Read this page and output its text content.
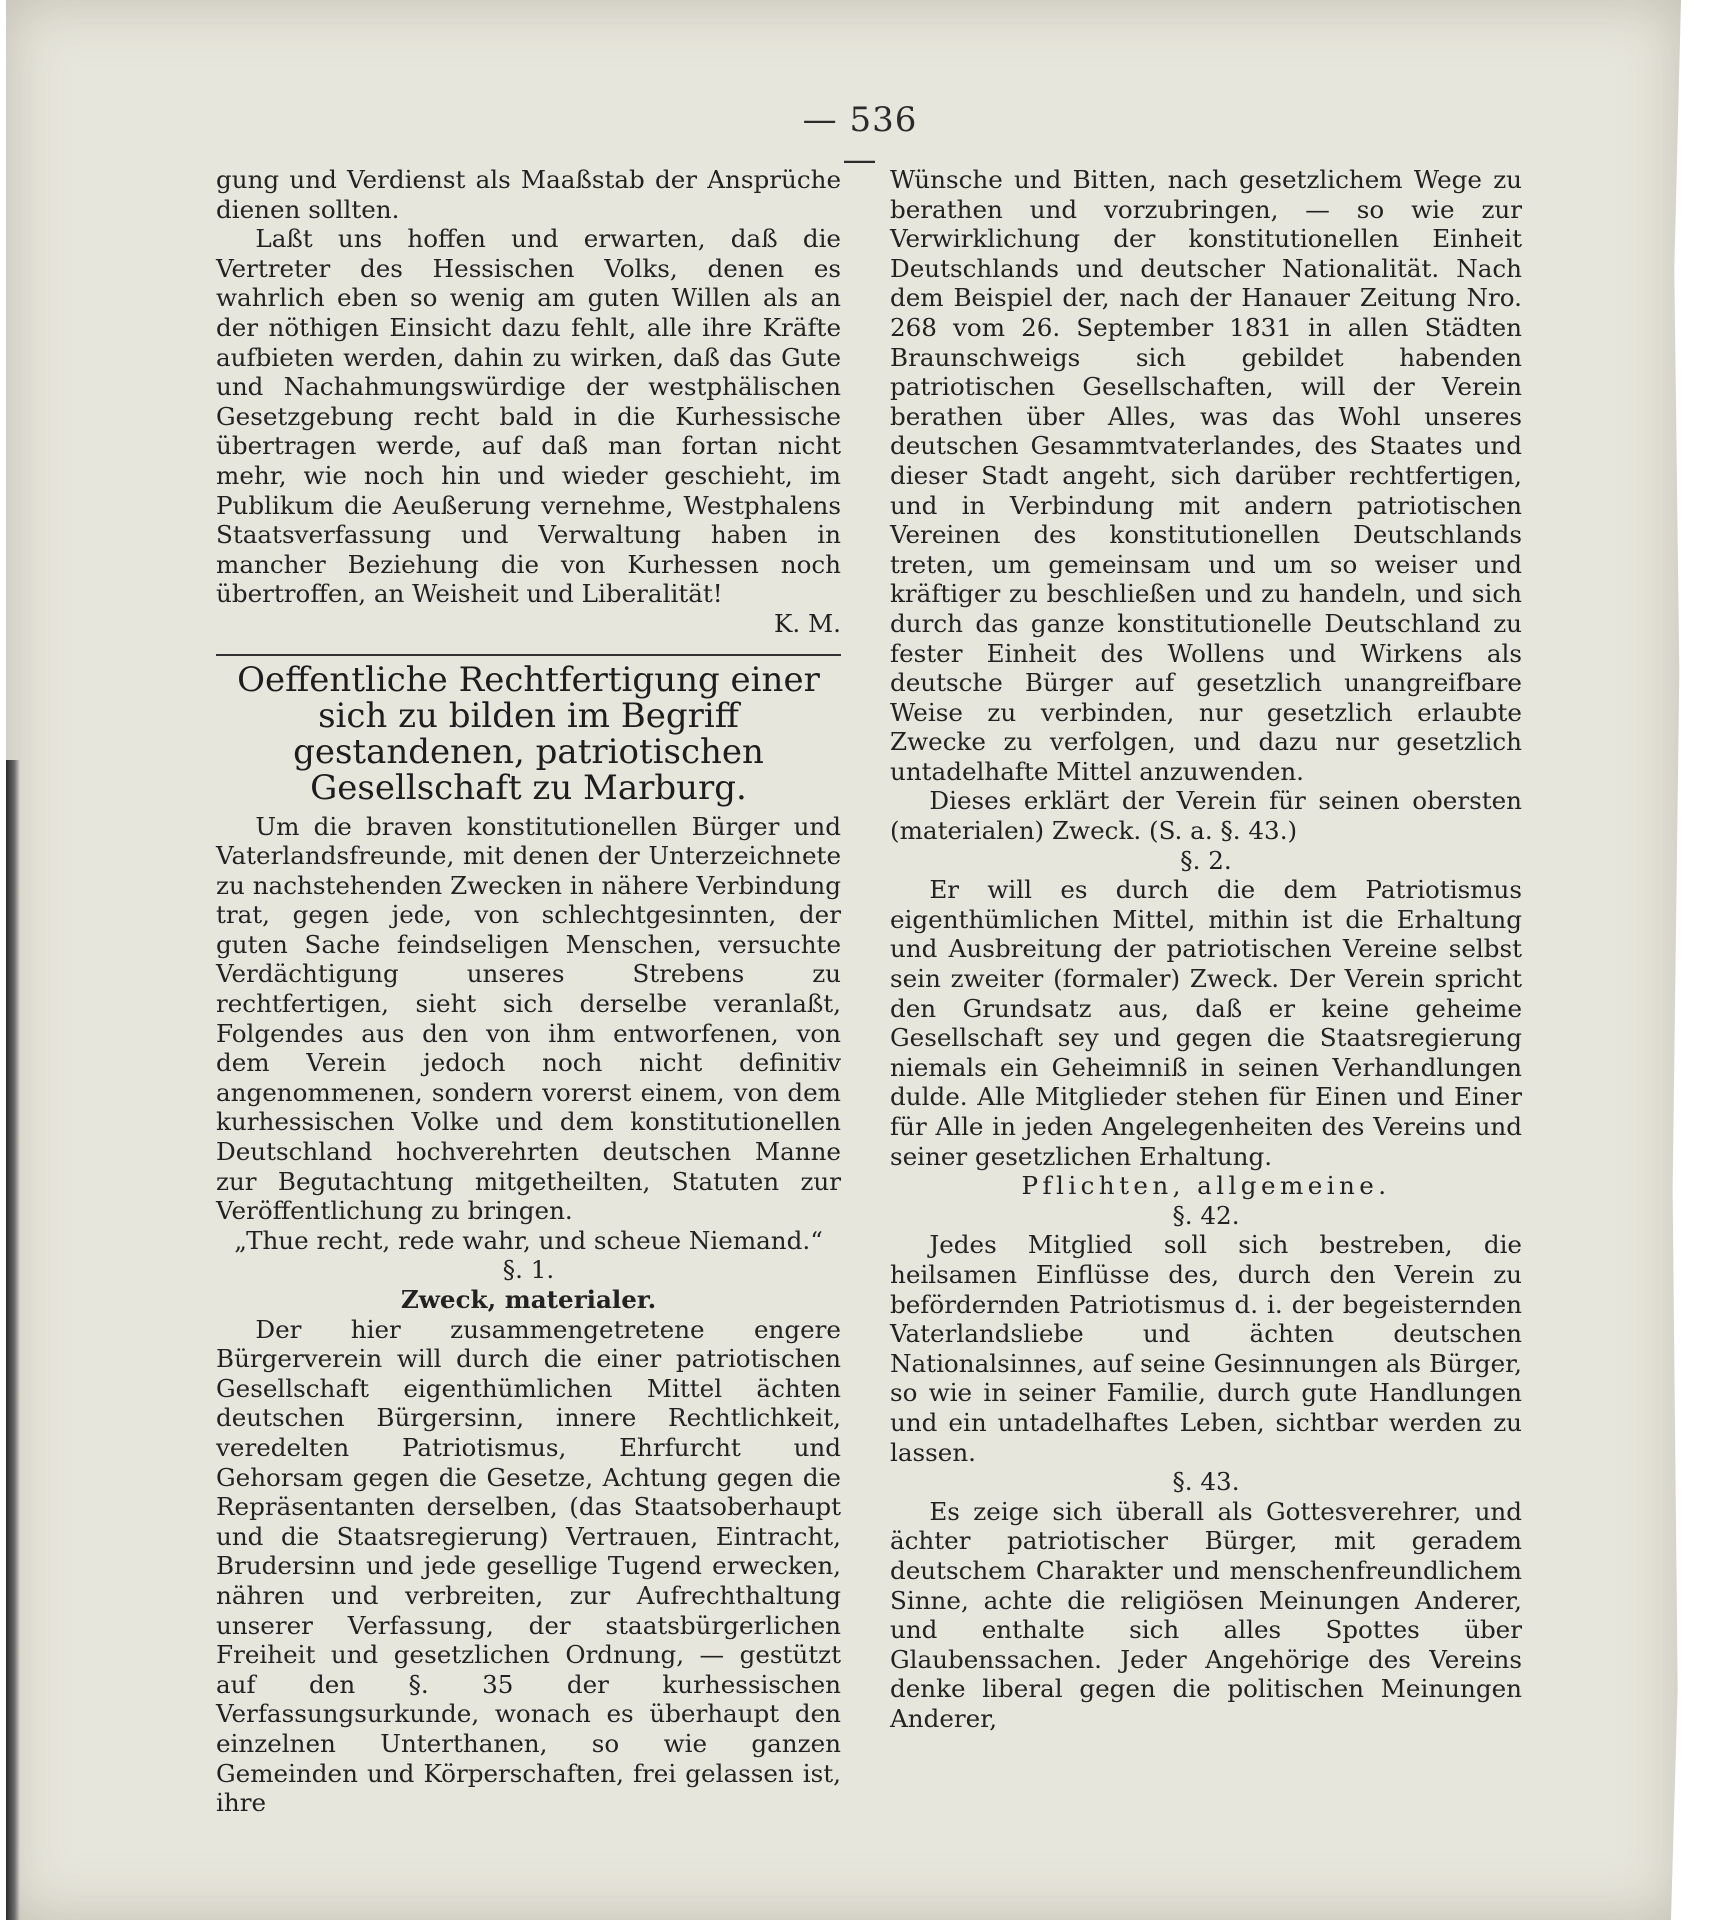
— 536 —

gung und Verdienst als Maaßstab der Ansprüche dienen sollten.

Laßt uns hoffen und erwarten, daß die Vertreter des Hessischen Volks, denen es wahrlich eben so wenig am guten Willen als an der nöthigen Einsicht dazu fehlt, alle ihre Kräfte aufbieten werden, dahin zu wirken, daß das Gute und Nachahmungswürdige der westphälischen Gesetzgebung recht bald in die Kurhessische übertragen werde, auf daß man fortan nicht mehr, wie noch hin und wieder geschieht, im Publikum die Aeußerung vernehme, Westphalens Staatsverfassung und Verwaltung haben in mancher Beziehung die von Kurhessen noch übertroffen, an Weisheit und Liberalität!

K. M.

Oeffentliche Rechtfertigung einer sich zu bilden im Begriff gestandenen, patriotischen Gesellschaft zu Marburg.

Um die braven konstitutionellen Bürger und Vaterlandsfreunde, mit denen der Unterzeichnete zu nachstehenden Zwecken in nähere Verbindung trat, gegen jede, von schlechtgesinnten, der guten Sache feindseligen Menschen, versuchte Verdächtigung unseres Strebens zu rechtfertigen, sieht sich derselbe veranlaßt, Folgendes aus den von ihm entworfenen, von dem Verein jedoch noch nicht definitiv angenommenen, sondern vorerst einem, von dem kurhessischen Volke und dem konstitutionellen Deutschland hochverehrten deutschen Manne zur Begutachtung mitgetheilten, Statuten zur Veröffentlichung zu bringen.

„Thue recht, rede wahr, und scheue Niemand.“

§. 1.

Zweck, materialer.

Der hier zusammengetretene engere Bürgerverein will durch die einer patriotischen Gesellschaft eigenthümlichen Mittel ächten deutschen Bürgersinn, innere Rechtlichkeit, veredelten Patriotismus, Ehrfurcht und Gehorsam gegen die Gesetze, Achtung gegen die Repräsentanten derselben, (das Staatsoberhaupt und die Staatsregierung) Vertrauen, Eintracht, Brudersinn und jede gesellige Tugend erwecken, nähren und verbreiten, zur Aufrechthaltung unserer Verfassung, der staatsbürgerlichen Freiheit und gesetzlichen Ordnung, — gestützt auf den §. 35 der kurhessischen Verfassungsurkunde, wonach es überhaupt den einzelnen Unterthanen, so wie ganzen Gemeinden und Körperschaften, frei gelassen ist, ihre

Wünsche und Bitten, nach gesetzlichem Wege zu berathen und vorzubringen, — so wie zur Verwirklichung der konstitutionellen Einheit Deutschlands und deutscher Nationalität. Nach dem Beispiel der, nach der Hanauer Zeitung Nro. 268 vom 26. September 1831 in allen Städten Braunschweigs sich gebildet habenden patriotischen Gesellschaften, will der Verein berathen über Alles, was das Wohl unseres deutschen Gesammtvaterlandes, des Staates und dieser Stadt angeht, sich darüber rechtfertigen, und in Verbindung mit andern patriotischen Vereinen des konstitutionellen Deutschlands treten, um gemeinsam und um so weiser und kräftiger zu beschließen und zu handeln, und sich durch das ganze konstitutionelle Deutschland zu fester Einheit des Wollens und Wirkens als deutsche Bürger auf gesetzlich unangreifbare Weise zu verbinden, nur gesetzlich erlaubte Zwecke zu verfolgen, und dazu nur gesetzlich untadelhafte Mittel anzuwenden.

Dieses erklärt der Verein für seinen obersten (materialen) Zweck. (S. a. §. 43.)

§. 2.

Er will es durch die dem Patriotismus eigenthümlichen Mittel, mithin ist die Erhaltung und Ausbreitung der patriotischen Vereine selbst sein zweiter (formaler) Zweck. Der Verein spricht den Grundsatz aus, daß er keine geheime Gesellschaft sey und gegen die Staatsregierung niemals ein Geheimniß in seinen Verhandlungen dulde. Alle Mitglieder stehen für Einen und Einer für Alle in jeden Angelegenheiten des Vereins und seiner gesetzlichen Erhaltung.

Pflichten, allgemeine.

§. 42.

Jedes Mitglied soll sich bestreben, die heilsamen Einflüsse des, durch den Verein zu befördernden Patriotismus d. i. der begeisternden Vaterlandsliebe und ächten deutschen Nationalsinnes, auf seine Gesinnungen als Bürger, so wie in seiner Familie, durch gute Handlungen und ein untadelhaftes Leben, sichtbar werden zu lassen.

§. 43.

Es zeige sich überall als Gottesverehrer, und ächter patriotischer Bürger, mit geradem deutschem Charakter und menschenfreundlichem Sinne, achte die religiösen Meinungen Anderer, und enthalte sich alles Spottes über Glaubenssachen. Jeder Angehörige des Vereins denke liberal gegen die politischen Meinungen Anderer,
